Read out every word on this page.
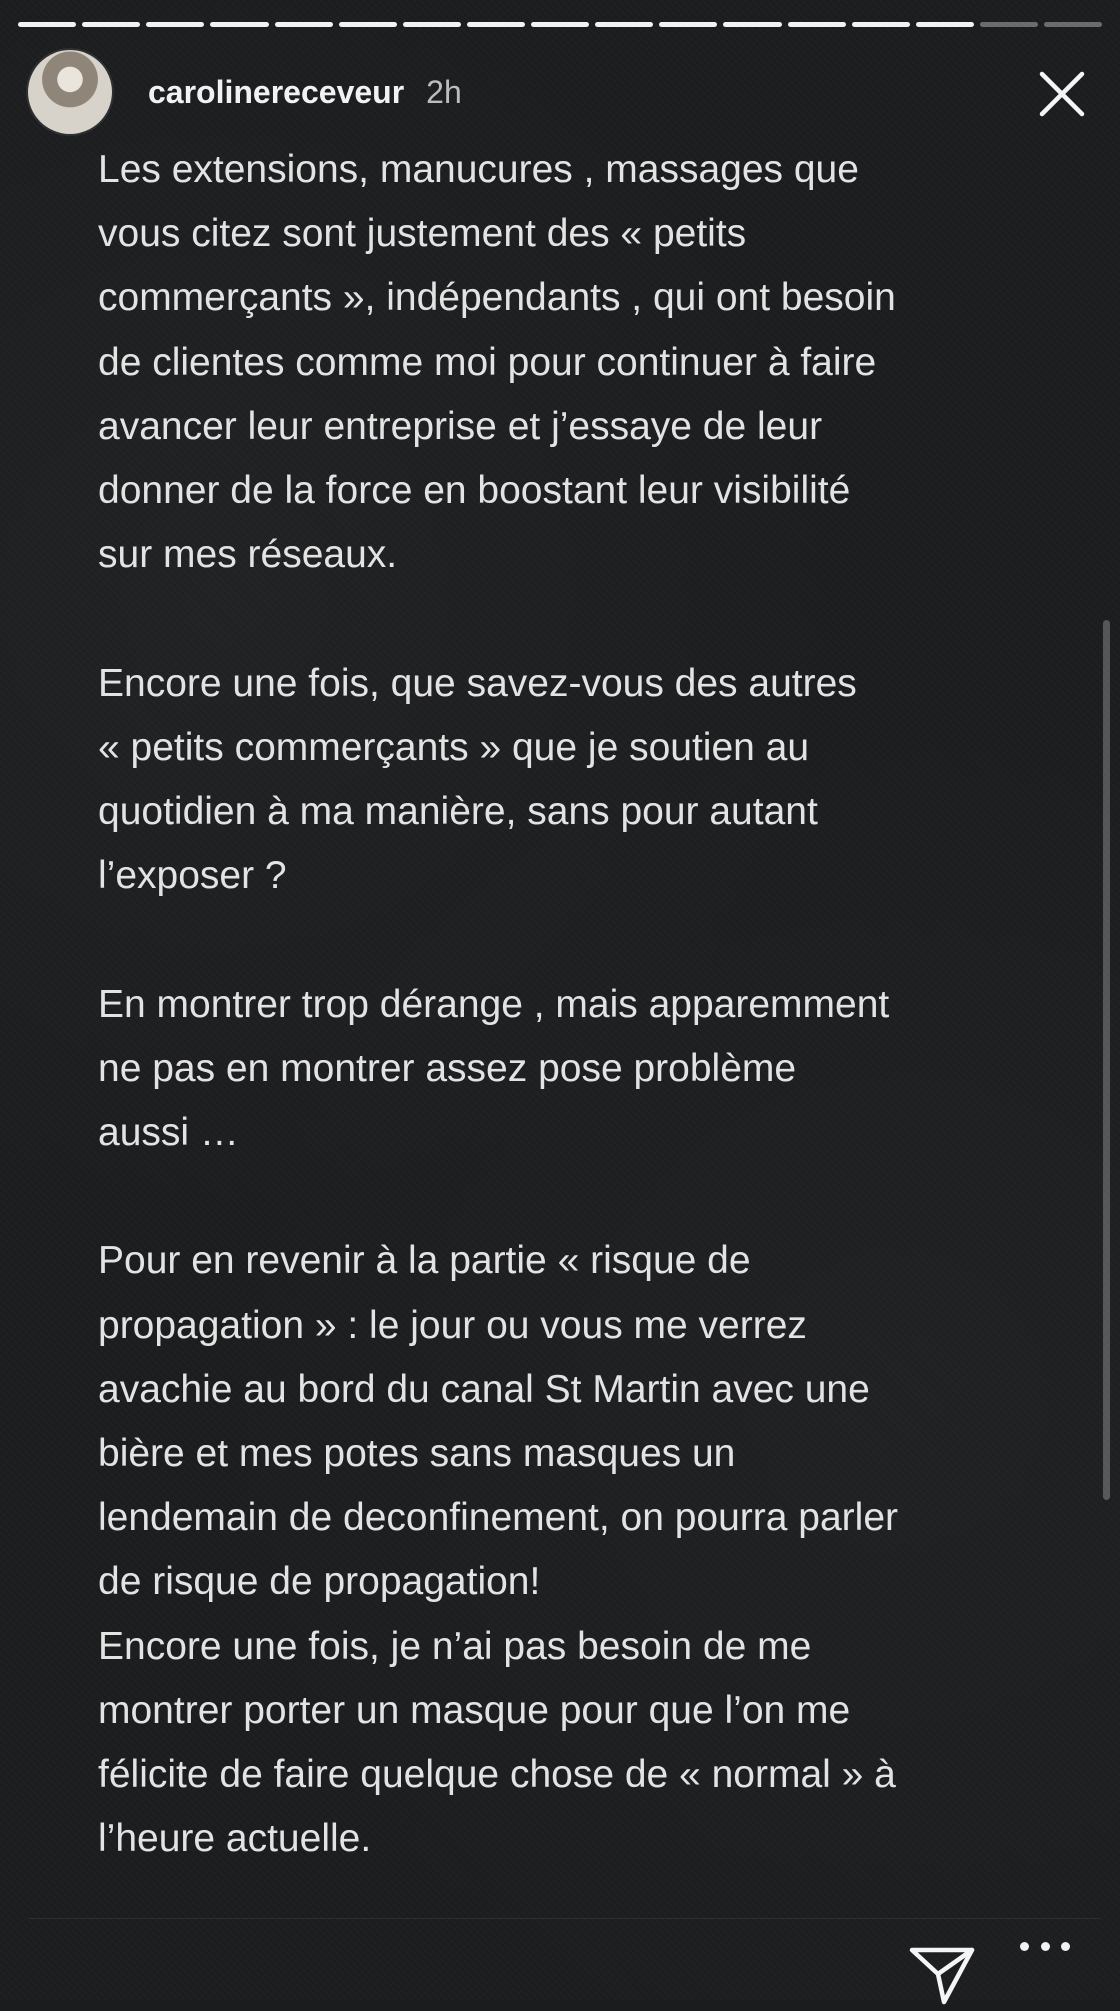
carolinereceveur 2h
Les extensions, manucures , massages que
vous citez sont justement des « petits
commerçants », indépendants , qui ont besoin
de clientes comme moi pour continuer à faire
avancer leur entreprise et j’essaye de leur
donner de la force en boostant leur visibilité
sur mes réseaux.
Encore une fois, que savez-vous des autres
« petits commerçants » que je soutien au
quotidien à ma manière, sans pour autant
l’exposer ?
En montrer trop dérange , mais apparemment
ne pas en montrer assez pose problème
aussi …
Pour en revenir à la partie « risque de
propagation » : le jour ou vous me verrez
avachie au bord du canal St Martin avec une
bière et mes potes sans masques un
lendemain de deconfinement, on pourra parler
de risque de propagation!
Encore une fois, je n’ai pas besoin de me
montrer porter un masque pour que l’on me
félicite de faire quelque chose de « normal » à
l’heure actuelle.
